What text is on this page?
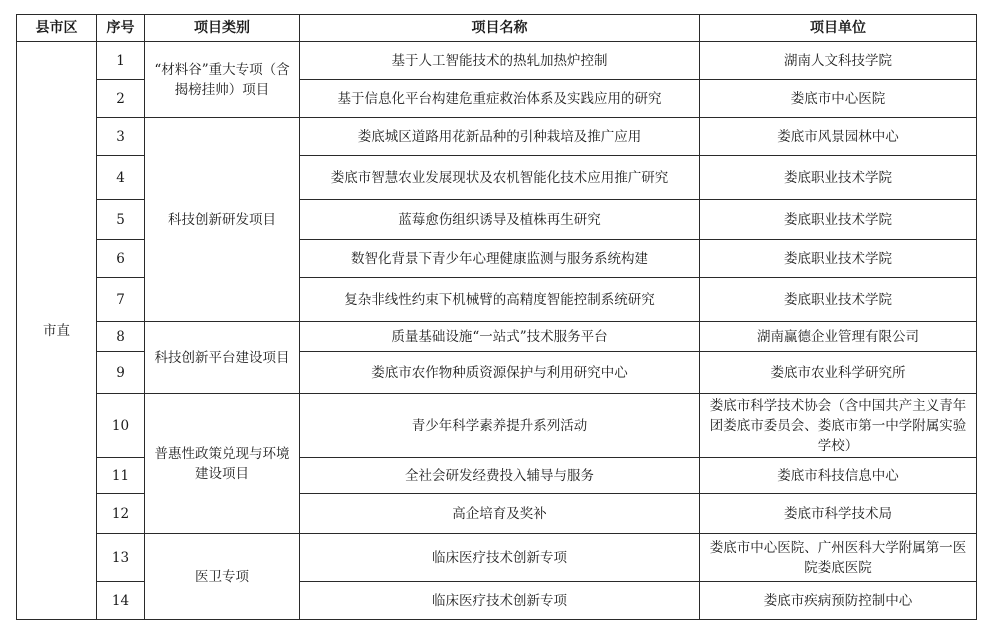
县市区	序号	项目类别	项目名称	项目单位
市直	1	“材料谷”重大专项（含揭榜挂帅）项目	基于人工智能技术的热轧加热炉控制	湖南人文科技学院
	2		基于信息化平台构建危重症救治体系及实践应用的研究	娄底市中心医院
	3	科技创新研发项目	娄底城区道路用花新品种的引种栽培及推广应用	娄底市风景园林中心
	4		娄底市智慧农业发展现状及农机智能化技术应用推广研究	娄底职业技术学院
	5		蓝莓愈伤组织诱导及植株再生研究	娄底职业技术学院
	6		数智化背景下青少年心理健康监测与服务系统构建	娄底职业技术学院
	7		复杂非线性约束下机械臂的高精度智能控制系统研究	娄底职业技术学院
	8	科技创新平台建设项目	质量基础设施“一站式”技术服务平台	湖南赢德企业管理有限公司
	9		娄底市农作物种质资源保护与利用研究中心	娄底市农业科学研究所
	10	普惠性政策兑现与环境建设项目	青少年科学素养提升系列活动	娄底市科学技术协会（含中国共产主义青年团娄底市委员会、娄底市第一中学附属实验学校）
	11		全社会研发经费投入辅导与服务	娄底市科技信息中心
	12		高企培育及奖补	娄底市科学技术局
	13	医卫专项	临床医疗技术创新专项	娄底市中心医院、广州医科大学附属第一医院娄底医院
	14		临床医疗技术创新专项	娄底市疾病预防控制中心
